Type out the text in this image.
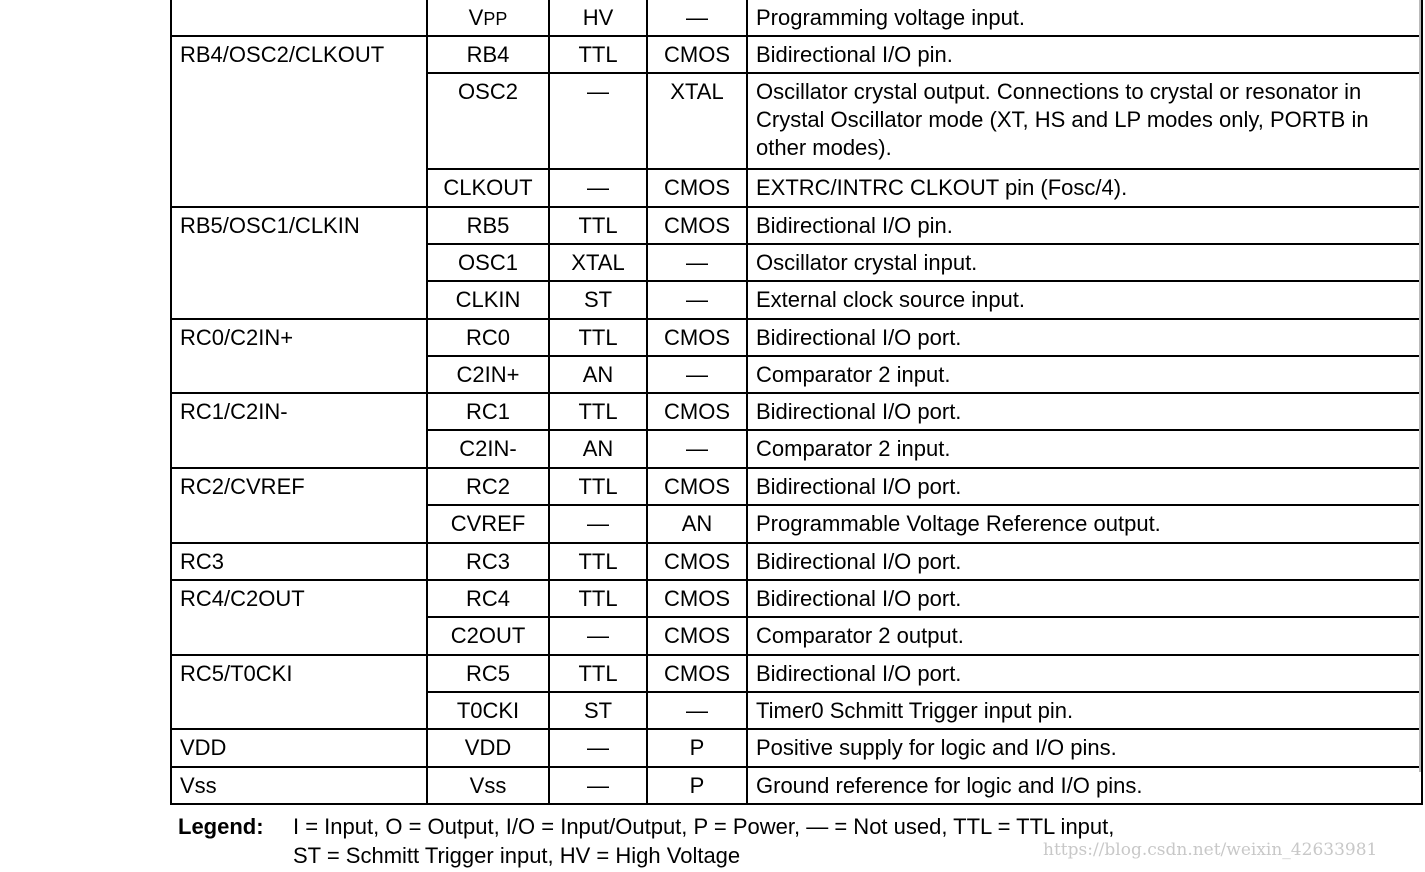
	VPP	HV	—	Programming voltage input.
RB4/OSC2/CLKOUT	RB4	TTL	CMOS	Bidirectional I/O pin.
	OSC2	—	XTAL	Oscillator crystal output. Connections to crystal or resonator in Crystal Oscillator mode (XT, HS and LP modes only, PORTB in other modes).
	CLKOUT	—	CMOS	EXTRC/INTRC CLKOUT pin (Fosc/4).
RB5/OSC1/CLKIN	RB5	TTL	CMOS	Bidirectional I/O pin.
	OSC1	XTAL	—	Oscillator crystal input.
	CLKIN	ST	—	External clock source input.
RC0/C2IN+	RC0	TTL	CMOS	Bidirectional I/O port.
	C2IN+	AN	—	Comparator 2 input.
RC1/C2IN-	RC1	TTL	CMOS	Bidirectional I/O port.
	C2IN-	AN	—	Comparator 2 input.
RC2/CVREF	RC2	TTL	CMOS	Bidirectional I/O port.
	CVREF	—	AN	Programmable Voltage Reference output.
RC3	RC3	TTL	CMOS	Bidirectional I/O port.
RC4/C2OUT	RC4	TTL	CMOS	Bidirectional I/O port.
	C2OUT	—	CMOS	Comparator 2 output.
RC5/T0CKI	RC5	TTL	CMOS	Bidirectional I/O port.
	T0CKI	ST	—	Timer0 Schmitt Trigger input pin.
VDD	VDD	—	P	Positive supply for logic and I/O pins.
Vss	Vss	—	P	Ground reference for logic and I/O pins.
Legend: I = Input, O = Output, I/O = Input/Output, P = Power, — = Not used, TTL = TTL input,
ST = Schmitt Trigger input, HV = High Voltage	https://blog.csdn.net/weixin_42633981
